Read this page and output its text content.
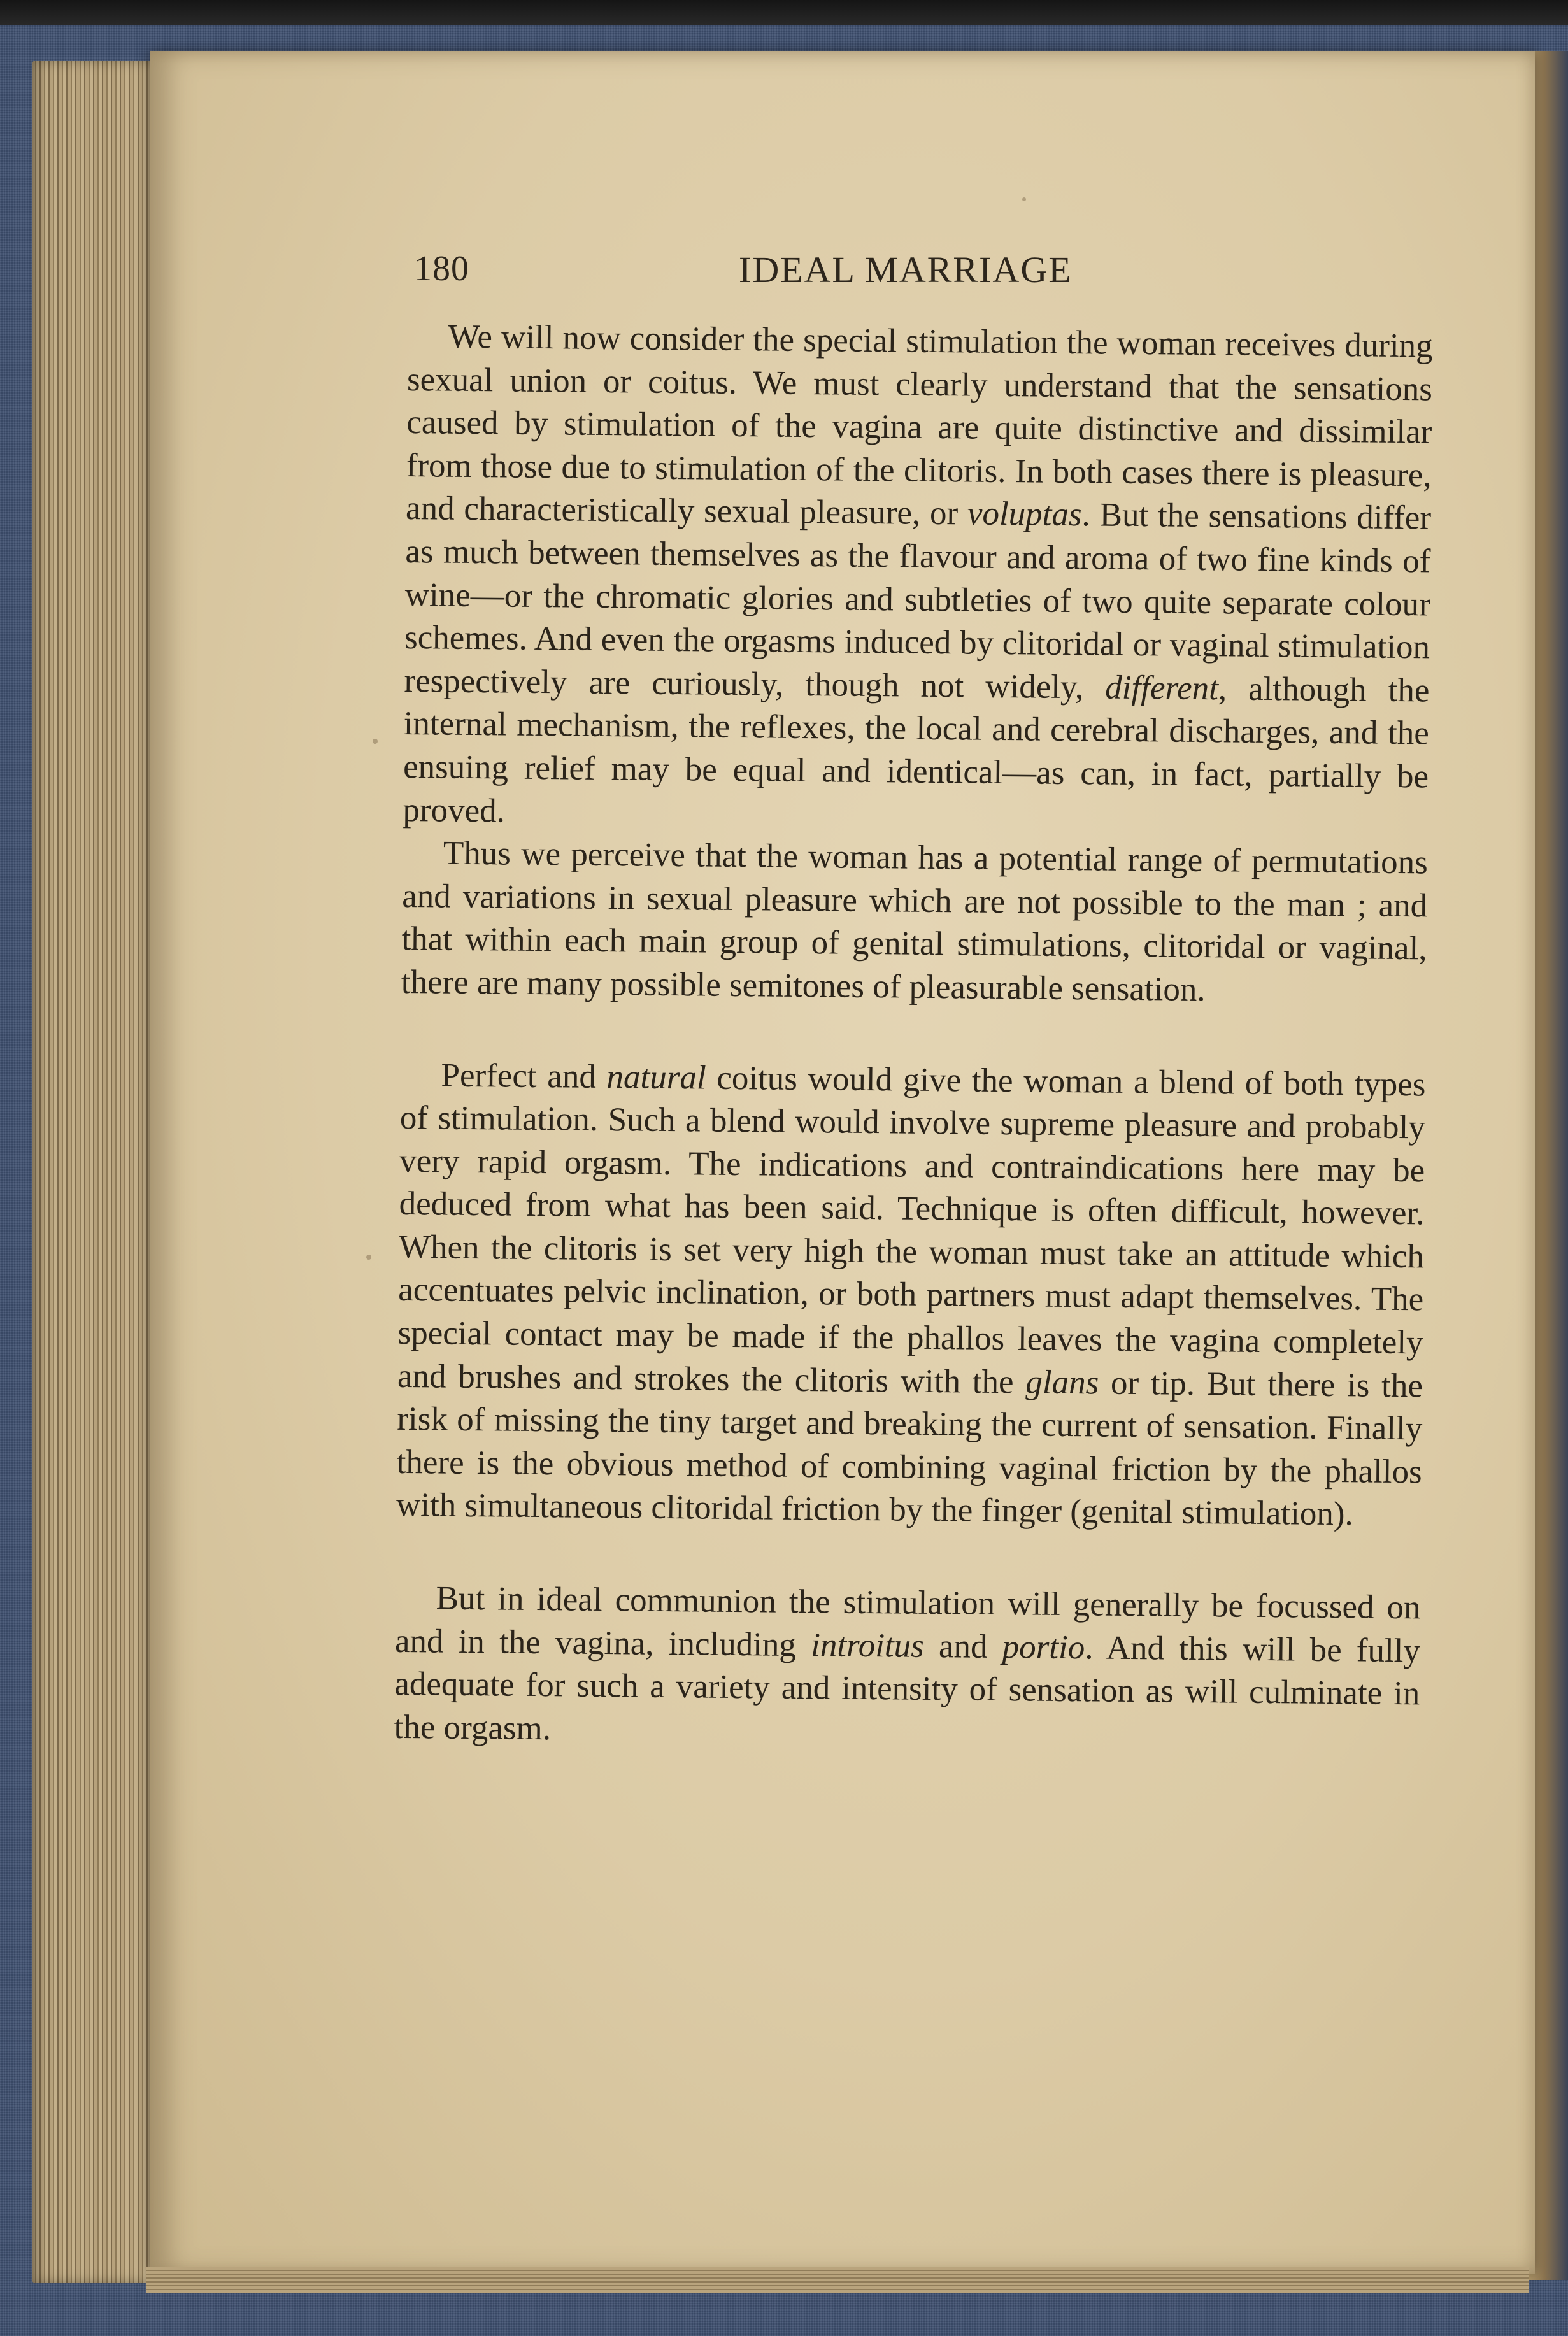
180	IDEAL MARRIAGE

We will now consider the special stimulation the woman receives during sexual union or coitus. We must clearly understand that the sensations caused by stimulation of the vagina are quite distinctive and dissimilar from those due to stimulation of the clitoris. In both cases there is pleasure, and characteristically sexual pleasure, or voluptas. But the sensations differ as much between themselves as the flavour and aroma of two fine kinds of wine—or the chromatic glories and subtleties of two quite separate colour schemes. And even the orgasms induced by clitoridal or vaginal stimulation respectively are curiously, though not widely, different, although the internal mechanism, the reflexes, the local and cerebral discharges, and the ensuing relief may be equal and identical—as can, in fact, partially be proved.

Thus we perceive that the woman has a potential range of permutations and variations in sexual pleasure which are not possible to the man ; and that within each main group of genital stimulations, clitoridal or vaginal, there are many possible semitones of pleasurable sensation.

Perfect and natural coitus would give the woman a blend of both types of stimulation. Such a blend would involve supreme pleasure and probably very rapid orgasm. The indications and contraindications here may be deduced from what has been said. Technique is often difficult, however. When the clitoris is set very high the woman must take an attitude which accentuates pelvic inclination, or both partners must adapt themselves. The special contact may be made if the phallos leaves the vagina completely and brushes and strokes the clitoris with the glans or tip. But there is the risk of missing the tiny target and breaking the current of sensation. Finally there is the obvious method of combining vaginal friction by the phallos with simultaneous clitoridal friction by the finger (genital stimulation).

But in ideal communion the stimulation will generally be focussed on and in the vagina, including introitus and portio. And this will be fully adequate for such a variety and intensity of sensation as will culminate in the orgasm.
